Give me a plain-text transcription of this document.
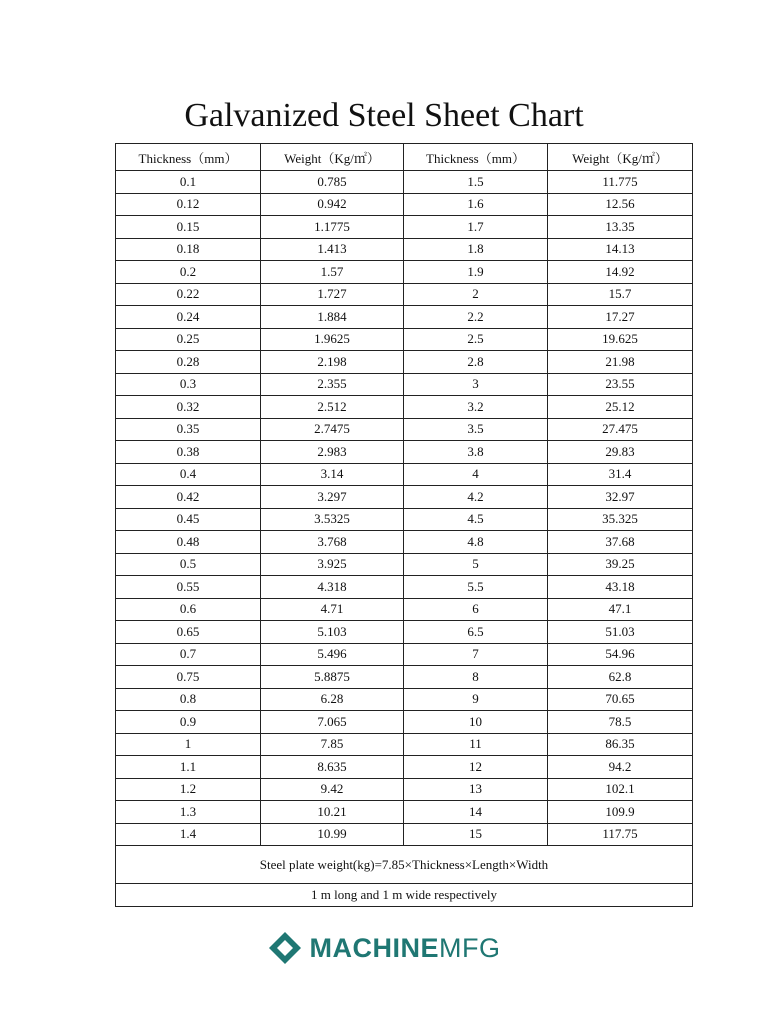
Galvanized Steel Sheet Chart
Thickness（mm）	Weight（Kg/㎡）	Thickness（mm）	Weight（Kg/㎡）
0.1	0.785	1.5	11.775
0.12	0.942	1.6	12.56
0.15	1.1775	1.7	13.35
0.18	1.413	1.8	14.13
0.2	1.57	1.9	14.92
0.22	1.727	2	15.7
0.24	1.884	2.2	17.27
0.25	1.9625	2.5	19.625
0.28	2.198	2.8	21.98
0.3	2.355	3	23.55
0.32	2.512	3.2	25.12
0.35	2.7475	3.5	27.475
0.38	2.983	3.8	29.83
0.4	3.14	4	31.4
0.42	3.297	4.2	32.97
0.45	3.5325	4.5	35.325
0.48	3.768	4.8	37.68
0.5	3.925	5	39.25
0.55	4.318	5.5	43.18
0.6	4.71	6	47.1
0.65	5.103	6.5	51.03
0.7	5.496	7	54.96
0.75	5.8875	8	62.8
0.8	6.28	9	70.65
0.9	7.065	10	78.5
1	7.85	11	86.35
1.1	8.635	12	94.2
1.2	9.42	13	102.1
1.3	10.21	14	109.9
1.4	10.99	15	117.75
Steel plate weight(kg)=7.85×Thickness×Length×Width			
1 m long and 1 m wide respectively			
MACHINEMFG
